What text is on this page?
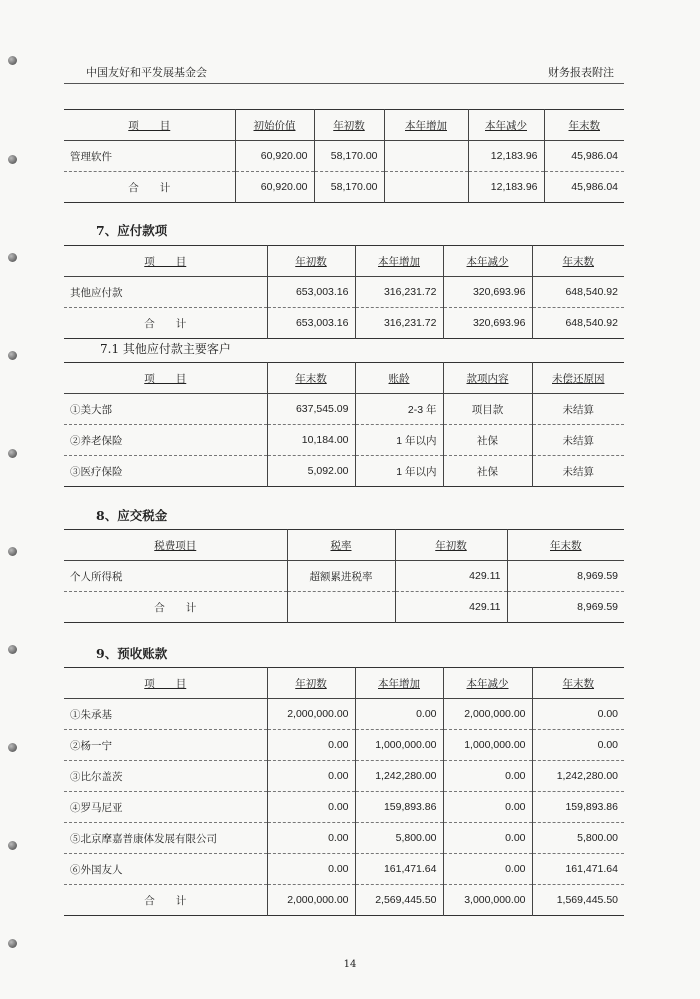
中国友好和平发展基金会	财务报表附注
项　　目	初始价值	年初数	本年增加	本年减少	年末数
管理软件	60,920.00	58,170.00		12,183.96	45,986.04
合　　计	60,920.00	58,170.00		12,183.96	45,986.04
7、应付款项
项　　目	年初数	本年增加	本年减少	年末数
其他应付款	653,003.16	316,231.72	320,693.96	648,540.92
合　　计	653,003.16	316,231.72	320,693.96	648,540.92
7.1 其他应付款主要客户
项　　目	年末数	账龄	款项内容	未偿还原因
①美大部	637,545.09	2-3 年	项目款	未结算
②养老保险	10,184.00	1 年以内	社保	未结算
③医疗保险	5,092.00	1 年以内	社保	未结算
8、应交税金
税费项目	税率	年初数	年末数
个人所得税	超额累进税率	429.11	8,969.59
合　　计		429.11	8,969.59
9、预收账款
项　　目	年初数	本年增加	本年减少	年末数
①朱承基	2,000,000.00	0.00	2,000,000.00	0.00
②杨一宁	0.00	1,000,000.00	1,000,000.00	0.00
③比尔盖茨	0.00	1,242,280.00	0.00	1,242,280.00
④罗马尼亚	0.00	159,893.86	0.00	159,893.86
⑤北京摩嘉普康体发展有限公司	0.00	5,800.00	0.00	5,800.00
⑥外国友人	0.00	161,471.64	0.00	161,471.64
合　　计	2,000,000.00	2,569,445.50	3,000,000.00	1,569,445.50
14
